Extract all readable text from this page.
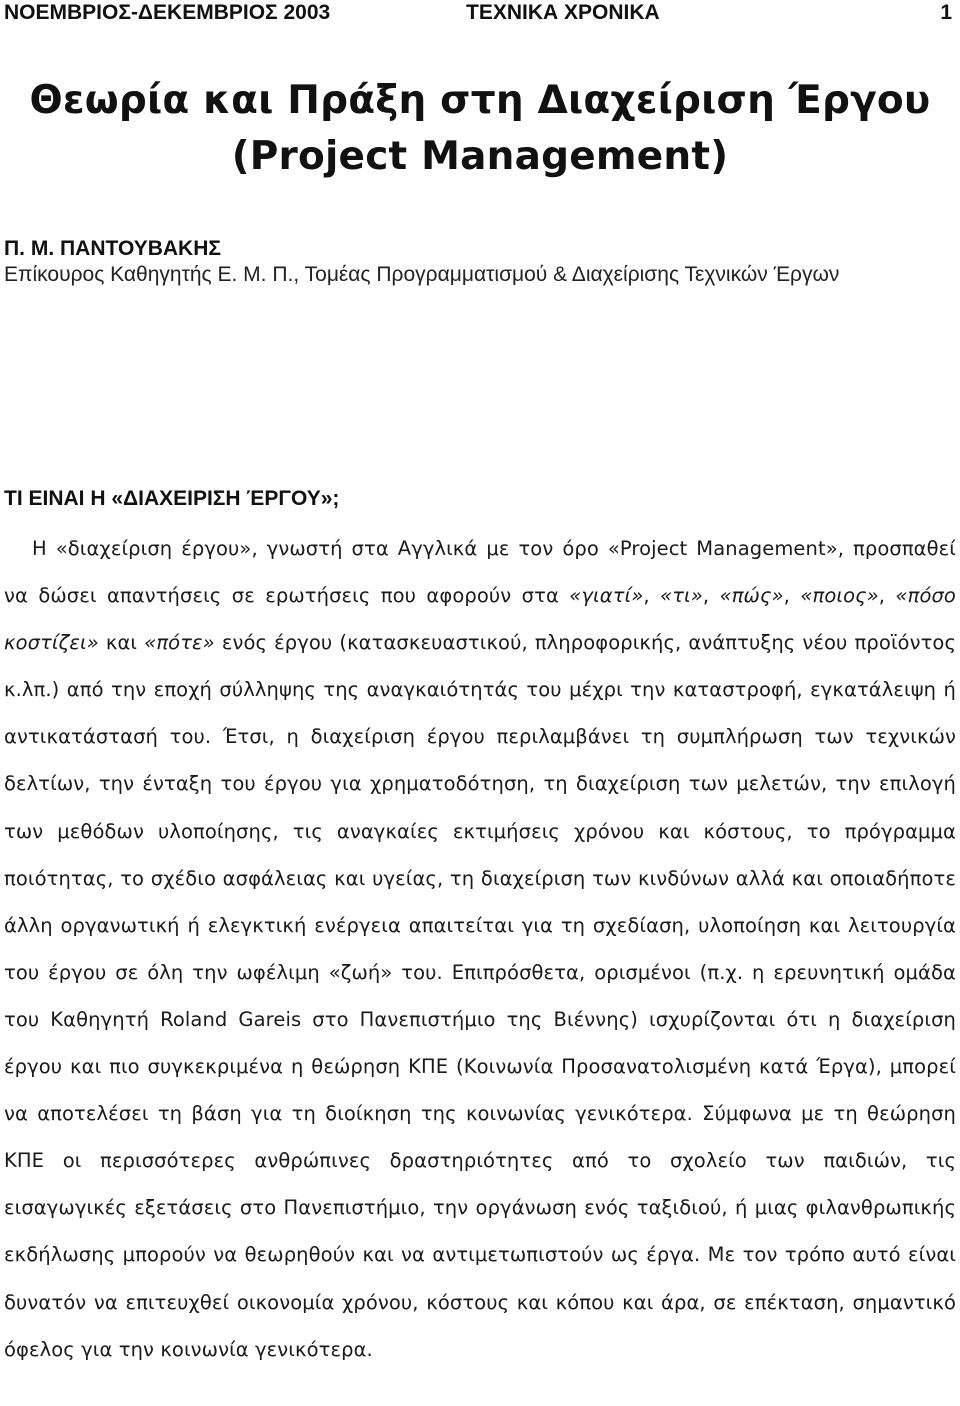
ΝΟΕΜΒΡΙΟΣ-ΔΕΚΕΜΒΡΙΟΣ 2003	ΤΕΧΝΙΚΑ ΧΡΟΝΙΚΑ	1
Θεωρία και Πράξη στη Διαχείριση Έργου
(Project Management)
Π. Μ. ΠΑΝΤΟΥΒΑΚΗΣ
Επίκουρος Καθηγητής Ε. Μ. Π., Τομέας Προγραμματισμού & Διαχείρισης Τεχνικών Έργων
ΤΙ ΕΙΝΑΙ Η «ΔΙΑΧΕΙΡΙΣΗ ΈΡΓΟΥ»;

Η «διαχείριση έργου», γνωστή στα Αγγλικά με τον όρο «Project Management», προσπαθεί να δώσει απαντήσεις σε ερωτήσεις που αφορούν στα «γιατί», «τι», «πώς», «ποιος», «πόσο κοστίζει» και «πότε» ενός έργου (κατασκευαστικού, πληροφορικής, ανάπτυξης νέου προϊόντος κ.λπ.) από την εποχή σύλληψης της αναγκαιότητάς του μέχρι την καταστροφή, εγκατάλειψη ή αντικατάστασή του. Έτσι, η διαχείριση έργου περιλαμβάνει τη συμπλήρωση των τεχνικών δελτίων, την ένταξη του έργου για χρηματοδότηση, τη διαχείριση των μελετών, την επιλογή των μεθόδων υλοποίησης, τις αναγκαίες εκτιμήσεις χρόνου και κόστους, το πρόγραμμα ποιότητας, το σχέδιο ασφάλειας και υγείας, τη διαχείριση των κινδύνων αλλά και οποιαδήποτε άλλη οργανωτική ή ελεγκτική ενέργεια απαιτείται για τη σχεδίαση, υλοποίηση και λειτουργία του έργου σε όλη την ωφέλιμη «ζωή» του. Επιπρόσθετα, ορισμένοι (π.χ. η ερευνητική ομάδα του Καθηγητή Roland Gareis στο Πανεπιστήμιο της Βιέννης) ισχυρίζονται ότι η διαχείριση έργου και πιο συγκεκριμένα η θεώρηση ΚΠΕ (Κοινωνία Προσανατολισμένη κατά Έργα), μπορεί να αποτελέσει τη βάση για τη διοίκηση της κοινωνίας γενικότερα. Σύμφωνα με τη θεώρηση ΚΠΕ οι περισσότερες ανθρώπινες δραστηριότητες από το σχολείο των παιδιών, τις εισαγωγικές εξετάσεις στο Πανεπιστήμιο, την οργάνωση ενός ταξιδιού, ή μιας φιλανθρωπικής εκδήλωσης μπορούν να θεωρηθούν και να αντιμετωπιστούν ως έργα. Με τον τρόπο αυτό είναι δυνατόν να επιτευχθεί οικονομία χρόνου, κόστους και κόπου και άρα, σε επέκταση, σημαντικό όφελος για την κοινωνία γενικότερα.
